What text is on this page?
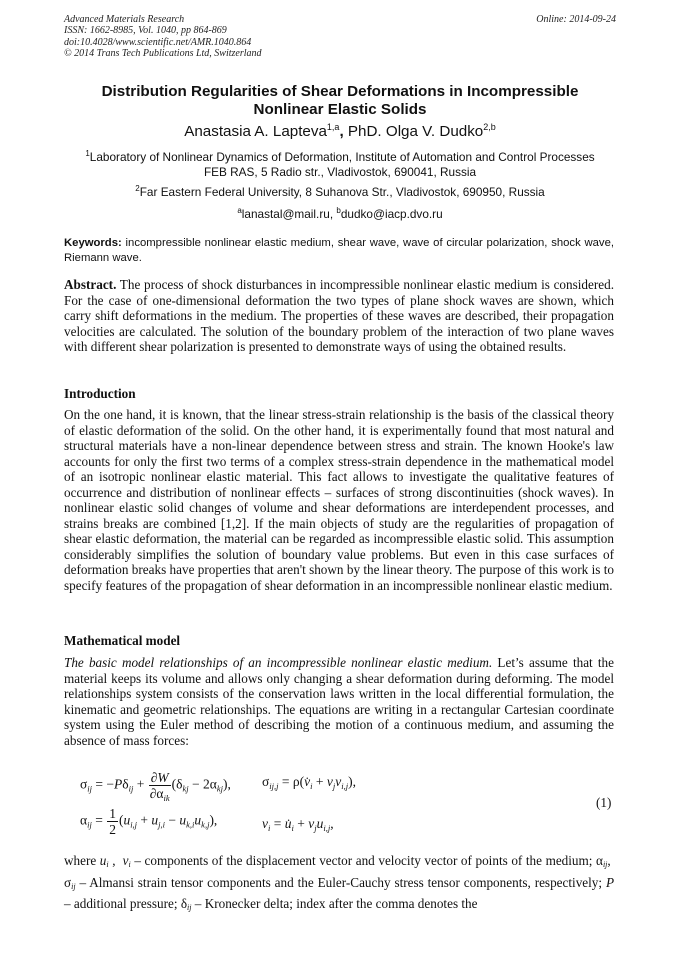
Advanced Materials Research
ISSN: 1662-8985, Vol. 1040, pp 864-869
doi:10.4028/www.scientific.net/AMR.1040.864
© 2014 Trans Tech Publications Ltd, Switzerland
Online: 2014-09-24
Distribution Regularities of Shear Deformations in Incompressible
Nonlinear Elastic Solids
Anastasia A. Lapteva$^{1,a}$, PhD. Olga V. Dudko$^{2,b}$
$^1$Laboratory of Nonlinear Dynamics of Deformation, Institute of Automation and Control Processes
FEB RAS, 5 Radio str., Vladivostok, 690041, Russia
$^2$Far Eastern Federal University, 8 Suhanova Str., Vladivostok, 690950, Russia
$^a$lanastal@mail.ru, $^b$dudko@iacp.dvo.ru
Keywords: incompressible nonlinear elastic medium, shear wave, wave of circular polarization, shock wave, Riemann wave.
Abstract. The process of shock disturbances in incompressible nonlinear elastic medium is considered. For the case of one-dimensional deformation the two types of plane shock waves are shown, which carry shift deformations in the medium. The properties of these waves are described, their propagation velocities are calculated. The solution of the boundary problem of the interaction of two plane waves with different shear polarization is presented to demonstrate ways of using the obtained results.
Introduction
On the one hand, it is known, that the linear stress-strain relationship is the basis of the classical theory of elastic deformation of the solid. On the other hand, it is experimentally found that most natural and structural materials have a non-linear dependence between stress and strain. The known Hooke's law accounts for only the first two terms of a complex stress-strain dependence in the mathematical model of an isotropic nonlinear elastic material. This fact allows to investigate the qualitative features of occurrence and distribution of nonlinear effects – surfaces of strong discontinuities (shock waves). In nonlinear elastic solid changes of volume and shear deformations are interdependent processes, and strains breaks are combined [1,2]. If the main objects of study are the regularities of propagation of shear elastic deformation, the material can be regarded as incompressible elastic solid. This assumption considerably simplifies the solution of boundary value problems. But even in this case surfaces of deformation breaks have properties that aren't shown by the linear theory. The purpose of this work is to specify features of the propagation of shear deformation in an incompressible nonlinear elastic medium.
Mathematical model
The basic model relationships of an incompressible nonlinear elastic medium. Let’s assume that the material keeps its volume and allows only changing a shear deformation during deforming. The model relationships system consists of the conservation laws written in the local differential formulation, the kinematic and geometric relationships. The equations are writing in a rectangular Cartesian coordinate system using the Euler method of describing the motion of a continuous medium, and assuming the absence of mass forces:
$\sigma_{ij} = -P\delta_{ij} + \frac{\partial W}{\partial\alpha_{ik}} (\delta_{kj} - 2\alpha_{kj})$, $\sigma_{ij,j}$ = $\rho(v̇_i + v_jv_{i,j})$,
$\alpha_{ij} = \frac{1}{2} (u_{i,j} + u_{j,i} - u_{k,i}u_{k,j})$,	$v_i$ = $u̇_i + v_ju_{i,j}$,
(1)
where $u_i$ ,  $v_i$ – components of the displacement vector and velocity vector of points of the medium; $\alpha_{ij}$,  $\sigma_{ij}$ – Almansi strain tensor components and the Euler-Cauchy stress tensor components, respectively; P – additional pressure; $\delta_{ij}$ – Kronecker delta; index after the comma denotes the
